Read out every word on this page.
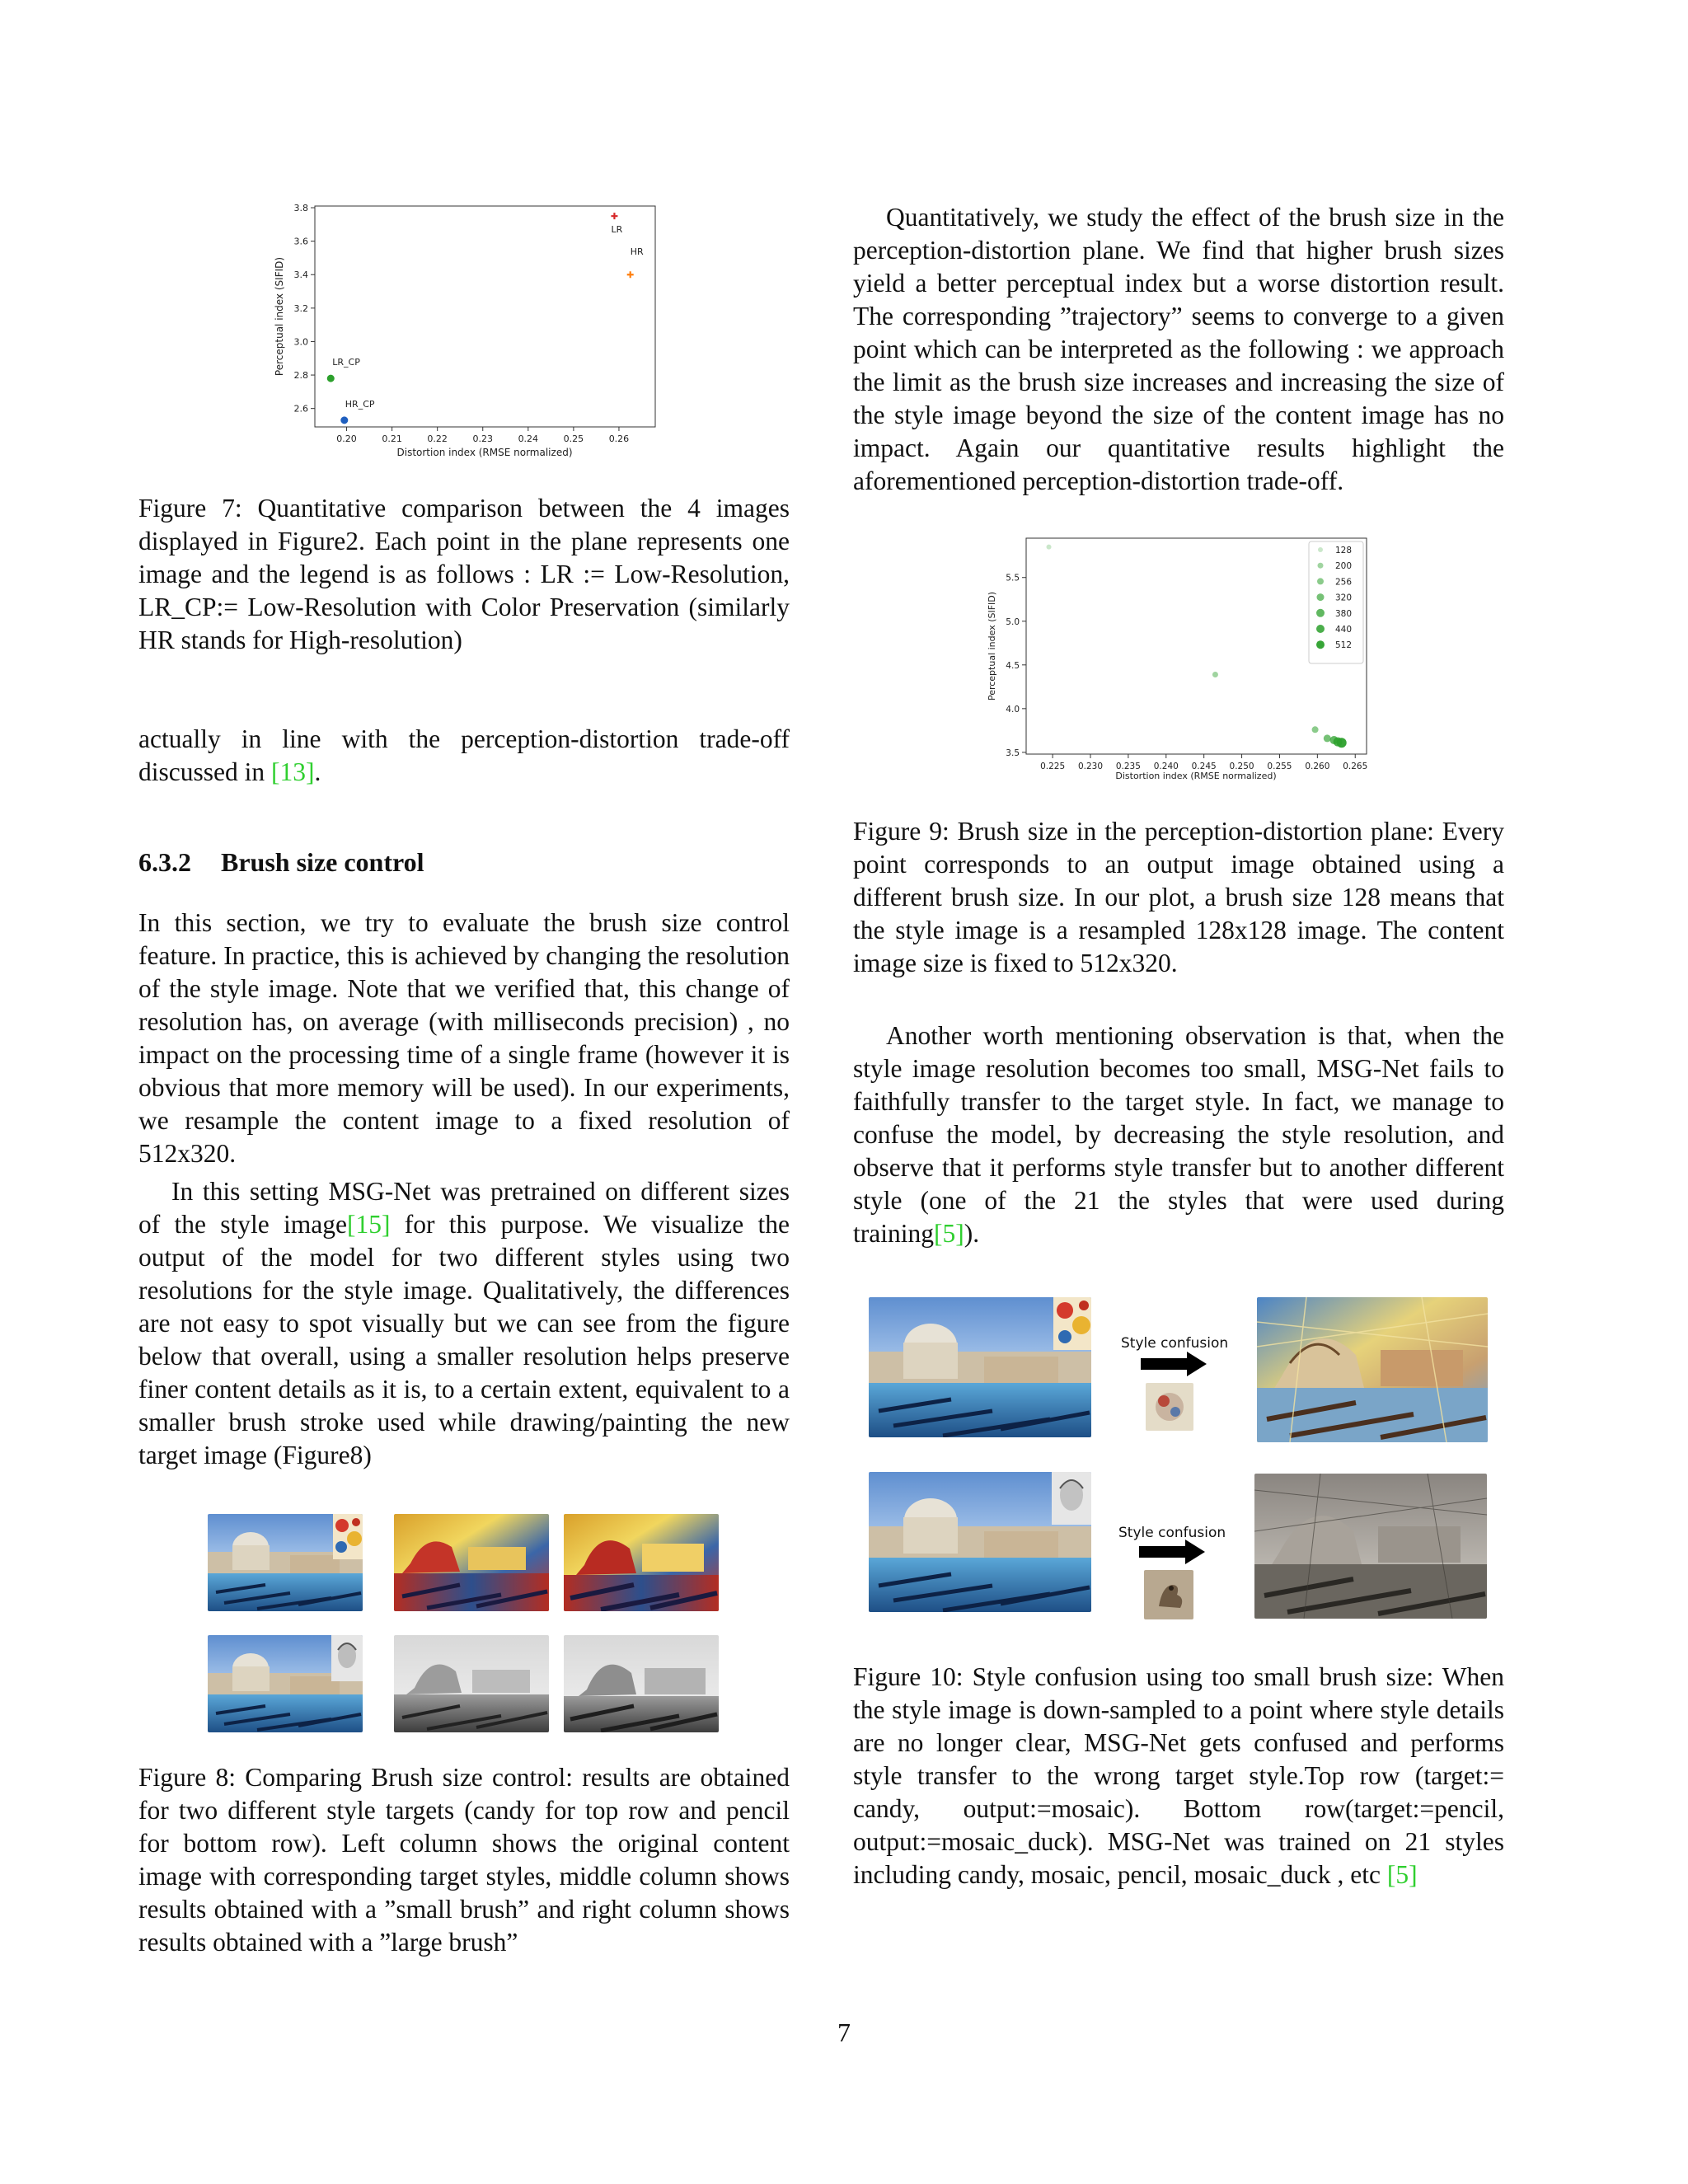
0.20	0.21	0.22	0.23	0.24	0.25	0.26
2.6
2.8
3.0
3.2
3.4
3.6
3.8
LR
HR
LR_CP
HR_CP
Distortion index (RMSE normalized)
Perceptual index (SIFID)

Figure 7: Quantitative comparison between the 4 images displayed in Figure2. Each point in the plane represents one image and the legend is as follows : LR := Low-Resolution, LR_CP:= Low-Resolution with Color Preservation (similarly HR stands for High-resolution)

actually in line with the perception-distortion trade-off discussed in [13].

6.3.2 Brush size control

In this section, we try to evaluate the brush size control feature. In practice, this is achieved by changing the resolution of the style image. Note that we verified that, this change of resolution has, on average (with milliseconds precision) , no impact on the processing time of a single frame (however it is obvious that more memory will be used). In our experiments, we resample the content image to a fixed resolution of 512x320.

In this setting MSG-Net was pretrained on different sizes of the style image[15] for this purpose. We visualize the output of the model for two different styles using two resolutions for the style image. Qualitatively, the differences are not easy to spot visually but we can see from the figure below that overall, using a smaller resolution helps preserve finer content details as it is, to a certain extent, equivalent to a smaller brush stroke used while drawing/painting the new target image (Figure8)

Figure 8: Comparing Brush size control: results are obtained for two different style targets (candy for top row and pencil for bottom row). Left column shows the original content image with corresponding target styles, middle column shows results obtained with a ”small brush” and right column shows results obtained with a ”large brush”

Quantitatively, we study the effect of the brush size in the perception-distortion plane. We find that higher brush sizes yield a better perceptual index but a worse distortion result. The corresponding ”trajectory” seems to converge to a given point which can be interpreted as the following : we approach the limit as the brush size increases and increasing the size of the style image beyond the size of the content image has no impact. Again our quantitative results highlight the aforementioned perception-distortion trade-off.

0.225 0.230 0.235 0.240 0.245 0.250 0.255 0.260 0.265
3.5
4.0
4.5
5.0
5.5
128
200
256
320
380
440
512
Distortion index (RMSE normalized)
Perceptual index (SIFID)

Figure 9: Brush size in the perception-distortion plane: Every point corresponds to an output image obtained using a different brush size. In our plot, a brush size 128 means that the style image is a resampled 128x128 image. The content image size is fixed to 512x320.

Another worth mentioning observation is that, when the style image resolution becomes too small, MSG-Net fails to faithfully transfer to the target style. In fact, we manage to confuse the model, by decreasing the style resolution, and observe that it performs style transfer but to another different style (one of the 21 the styles that were used during training[5]).

Style confusion
Style confusion

Figure 10: Style confusion using too small brush size: When the style image is down-sampled to a point where style details are no longer clear, MSG-Net gets confused and performs style transfer to the wrong target style.Top row (target:= candy, output:=mosaic). Bottom row(target:=pencil, output:=mosaic_duck). MSG-Net was trained on 21 styles including candy, mosaic, pencil, mosaic_duck , etc [5]

7
